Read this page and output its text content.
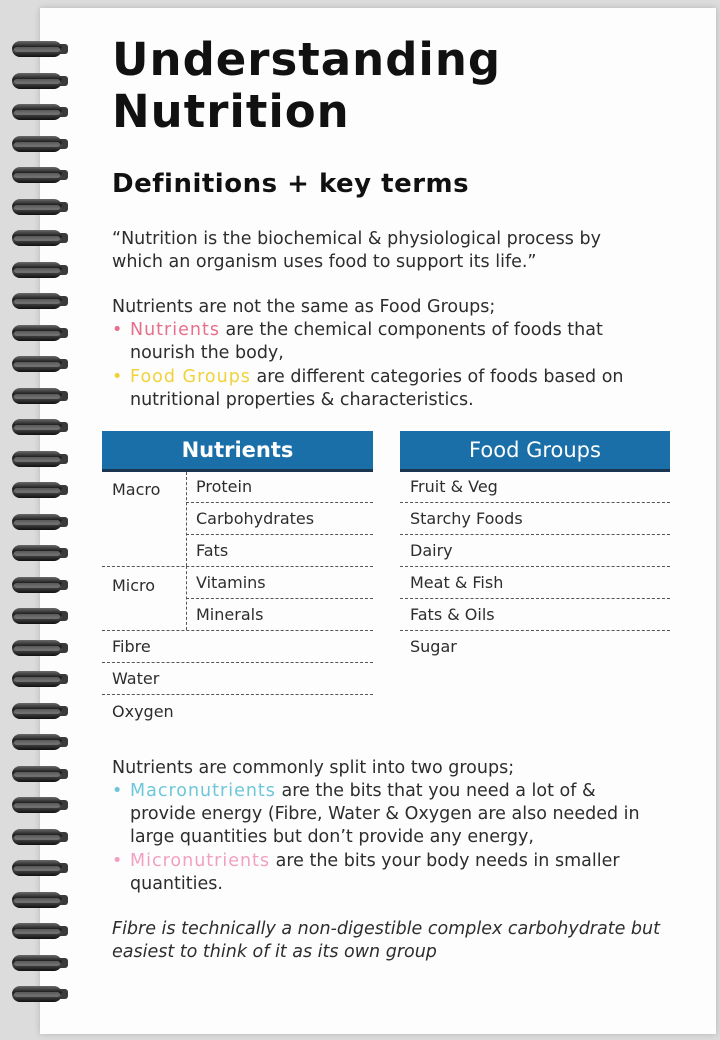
Understanding
Nutrition
Definitions + key terms
“Nutrition is the biochemical & physiological process by
which an organism uses food to support its life.”
Nutrients are not the same as Food Groups;
• Nutrients are the chemical components of foods that
nourish the body,
• Food Groups are different categories of foods based on
nutritional properties & characteristics.
Nutrients
Macro Protein
Carbohydrates
Fats
Micro	Vitamins
Minerals
Fibre
Water
Oxygen
Food Groups
Fruit & Veg
Starchy Foods
Dairy
Meat & Fish
Fats & Oils
Sugar
Nutrients are commonly split into two groups;
• Macronutrients are the bits that you need a lot of &
provide energy (Fibre, Water & Oxygen are also needed in
large quantities but don’t provide any energy,
• Micronutrients are the bits your body needs in smaller
quantities.
Fibre is technically a non-digestible complex carbohydrate but
easiest to think of it as its own group
